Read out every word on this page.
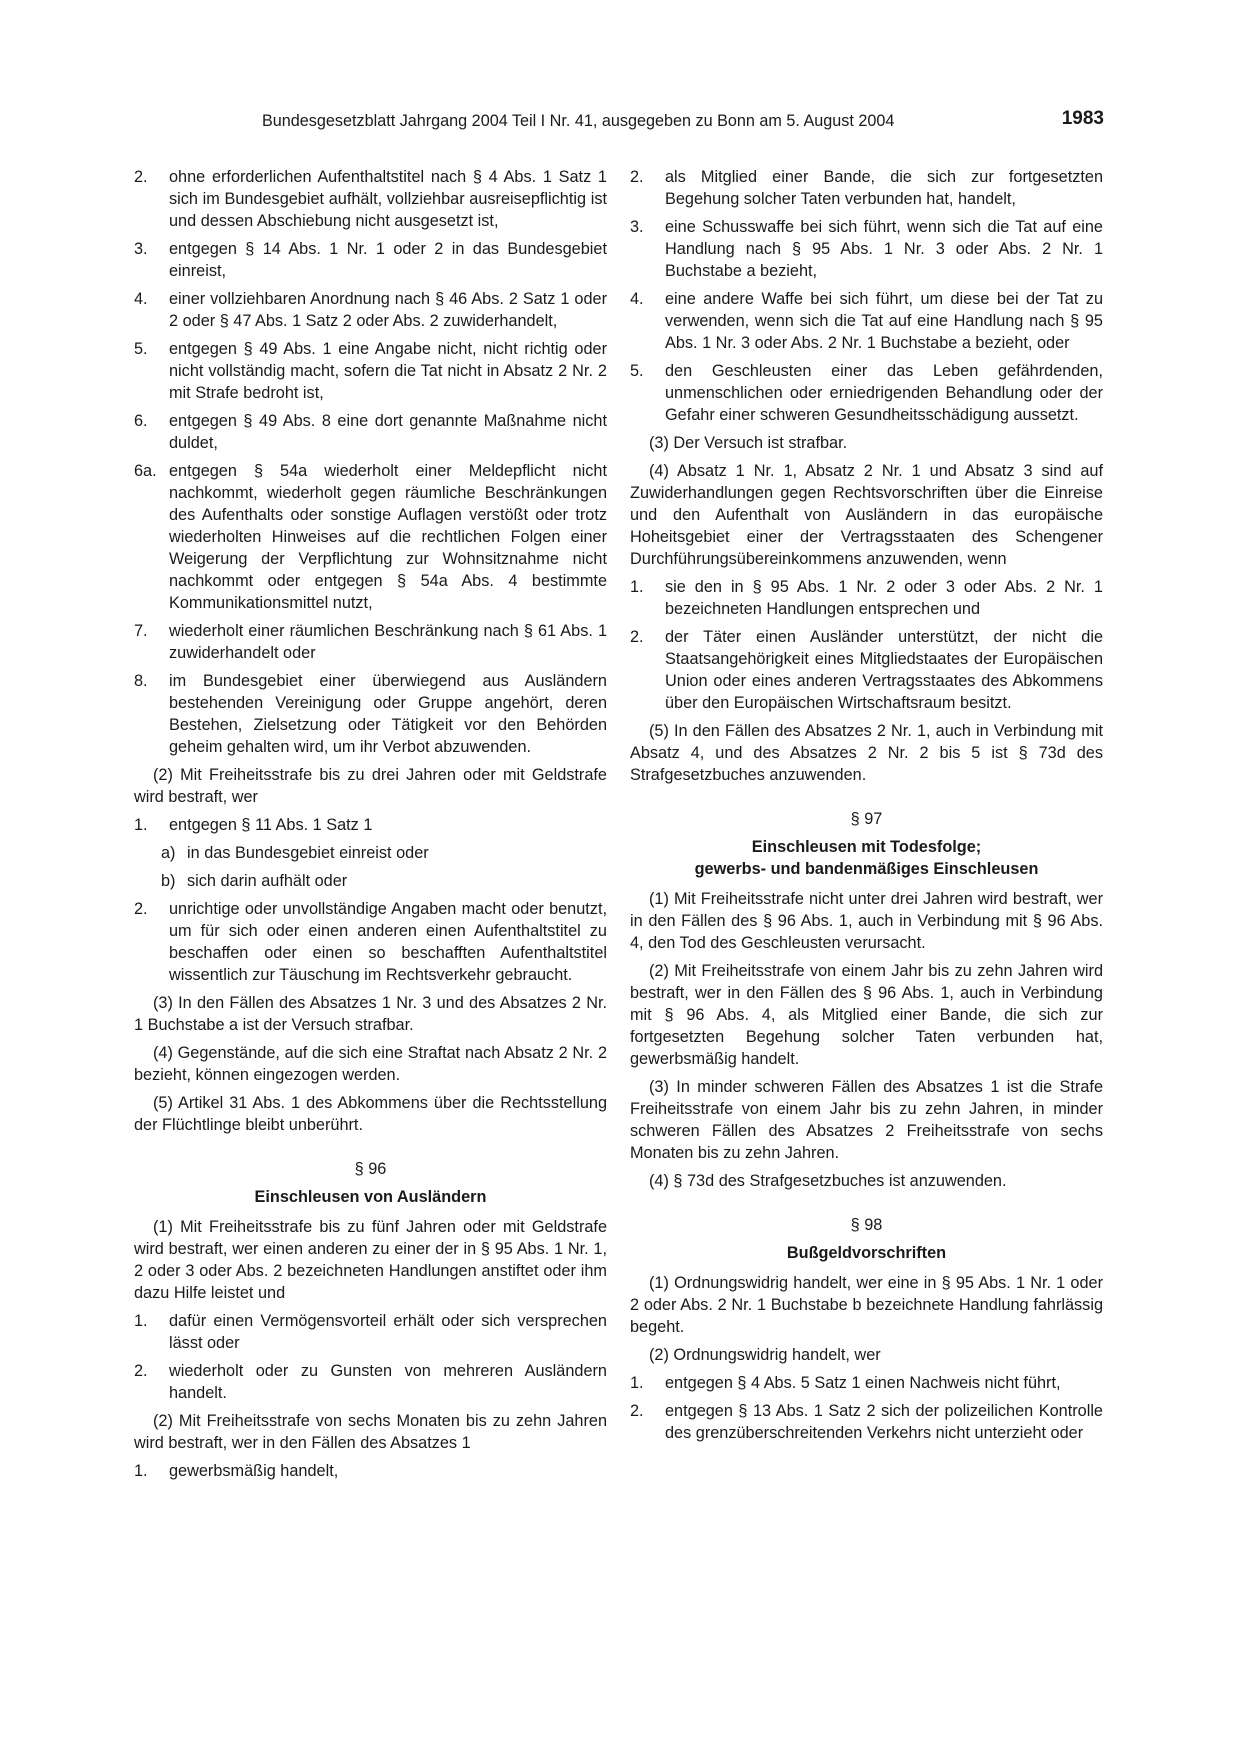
Bundesgesetzblatt Jahrgang 2004 Teil I Nr. 41, ausgegeben zu Bonn am 5. August 2004	1983
2.	ohne erforderlichen Aufenthaltstitel nach § 4 Abs. 1 Satz 1 sich im Bundesgebiet aufhält, vollziehbar ausreisepflichtig ist und dessen Abschiebung nicht ausgesetzt ist,
3.	entgegen § 14 Abs. 1 Nr. 1 oder 2 in das Bundesgebiet einreist,
4.	einer vollziehbaren Anordnung nach § 46 Abs. 2 Satz 1 oder 2 oder § 47 Abs. 1 Satz 2 oder Abs. 2 zuwiderhandelt,
5.	entgegen § 49 Abs. 1 eine Angabe nicht, nicht richtig oder nicht vollständig macht, sofern die Tat nicht in Absatz 2 Nr. 2 mit Strafe bedroht ist,
6.	entgegen § 49 Abs. 8 eine dort genannte Maßnahme nicht duldet,
6a. entgegen § 54a wiederholt einer Meldepflicht nicht nachkommt, wiederholt gegen räumliche Beschränkungen des Aufenthalts oder sonstige Auflagen verstößt oder trotz wiederholten Hinweises auf die rechtlichen Folgen einer Weigerung der Verpflichtung zur Wohnsitznahme nicht nachkommt oder entgegen § 54a Abs. 4 bestimmte Kommunikationsmittel nutzt,
7.	wiederholt einer räumlichen Beschränkung nach § 61 Abs. 1 zuwiderhandelt oder
8.	im Bundesgebiet einer überwiegend aus Ausländern bestehenden Vereinigung oder Gruppe angehört, deren Bestehen, Zielsetzung oder Tätigkeit vor den Behörden geheim gehalten wird, um ihr Verbot abzuwenden.

(2) Mit Freiheitsstrafe bis zu drei Jahren oder mit Geldstrafe wird bestraft, wer

1.	entgegen § 11 Abs. 1 Satz 1
a) in das Bundesgebiet einreist oder
b) sich darin aufhält oder
2.	unrichtige oder unvollständige Angaben macht oder benutzt, um für sich oder einen anderen einen Aufenthaltstitel zu beschaffen oder einen so beschafften Aufenthaltstitel wissentlich zur Täuschung im Rechtsverkehr gebraucht.

(3) In den Fällen des Absatzes 1 Nr. 3 und des Absatzes 2 Nr. 1 Buchstabe a ist der Versuch strafbar.

(4) Gegenstände, auf die sich eine Straftat nach Absatz 2 Nr. 2 bezieht, können eingezogen werden.

(5) Artikel 31 Abs. 1 des Abkommens über die Rechtsstellung der Flüchtlinge bleibt unberührt.

§ 96
Einschleusen von Ausländern

(1) Mit Freiheitsstrafe bis zu fünf Jahren oder mit Geldstrafe wird bestraft, wer einen anderen zu einer der in § 95 Abs. 1 Nr. 1, 2 oder 3 oder Abs. 2 bezeichneten Handlungen anstiftet oder ihm dazu Hilfe leistet und

1.	dafür einen Vermögensvorteil erhält oder sich versprechen lässt oder
2.	wiederholt oder zu Gunsten von mehreren Ausländern handelt.

(2) Mit Freiheitsstrafe von sechs Monaten bis zu zehn Jahren wird bestraft, wer in den Fällen des Absatzes 1

1.	gewerbsmäßig handelt,
2.	als Mitglied einer Bande, die sich zur fortgesetzten Begehung solcher Taten verbunden hat, handelt,
3.	eine Schusswaffe bei sich führt, wenn sich die Tat auf eine Handlung nach § 95 Abs. 1 Nr. 3 oder Abs. 2 Nr. 1 Buchstabe a bezieht,
4.	eine andere Waffe bei sich führt, um diese bei der Tat zu verwenden, wenn sich die Tat auf eine Handlung nach § 95 Abs. 1 Nr. 3 oder Abs. 2 Nr. 1 Buchstabe a bezieht, oder
5.	den Geschleusten einer das Leben gefährdenden, unmenschlichen oder erniedrigenden Behandlung oder der Gefahr einer schweren Gesundheitsschädigung aussetzt.

(3) Der Versuch ist strafbar.

(4) Absatz 1 Nr. 1, Absatz 2 Nr. 1 und Absatz 3 sind auf Zuwiderhandlungen gegen Rechtsvorschriften über die Einreise und den Aufenthalt von Ausländern in das europäische Hoheitsgebiet einer der Vertragsstaaten des Schengener Durchführungsübereinkommens anzuwenden, wenn

1.	sie den in § 95 Abs. 1 Nr. 2 oder 3 oder Abs. 2 Nr. 1 bezeichneten Handlungen entsprechen und
2.	der Täter einen Ausländer unterstützt, der nicht die Staatsangehörigkeit eines Mitgliedstaates der Europäischen Union oder eines anderen Vertragsstaates des Abkommens über den Europäischen Wirtschaftsraum besitzt.

(5) In den Fällen des Absatzes 2 Nr. 1, auch in Verbindung mit Absatz 4, und des Absatzes 2 Nr. 2 bis 5 ist § 73d des Strafgesetzbuches anzuwenden.

§ 97
Einschleusen mit Todesfolge;
gewerbs- und bandenmäßiges Einschleusen

(1) Mit Freiheitsstrafe nicht unter drei Jahren wird bestraft, wer in den Fällen des § 96 Abs. 1, auch in Verbindung mit § 96 Abs. 4, den Tod des Geschleusten verursacht.

(2) Mit Freiheitsstrafe von einem Jahr bis zu zehn Jahren wird bestraft, wer in den Fällen des § 96 Abs. 1, auch in Verbindung mit § 96 Abs. 4, als Mitglied einer Bande, die sich zur fortgesetzten Begehung solcher Taten verbunden hat, gewerbsmäßig handelt.

(3) In minder schweren Fällen des Absatzes 1 ist die Strafe Freiheitsstrafe von einem Jahr bis zu zehn Jahren, in minder schweren Fällen des Absatzes 2 Freiheitsstrafe von sechs Monaten bis zu zehn Jahren.

(4) § 73d des Strafgesetzbuches ist anzuwenden.

§ 98
Bußgeldvorschriften

(1) Ordnungswidrig handelt, wer eine in § 95 Abs. 1 Nr. 1 oder 2 oder Abs. 2 Nr. 1 Buchstabe b bezeichnete Handlung fahrlässig begeht.

(2) Ordnungswidrig handelt, wer

1.	entgegen § 4 Abs. 5 Satz 1 einen Nachweis nicht führt,
2.	entgegen § 13 Abs. 1 Satz 2 sich der polizeilichen Kontrolle des grenzüberschreitenden Verkehrs nicht unterzieht oder
